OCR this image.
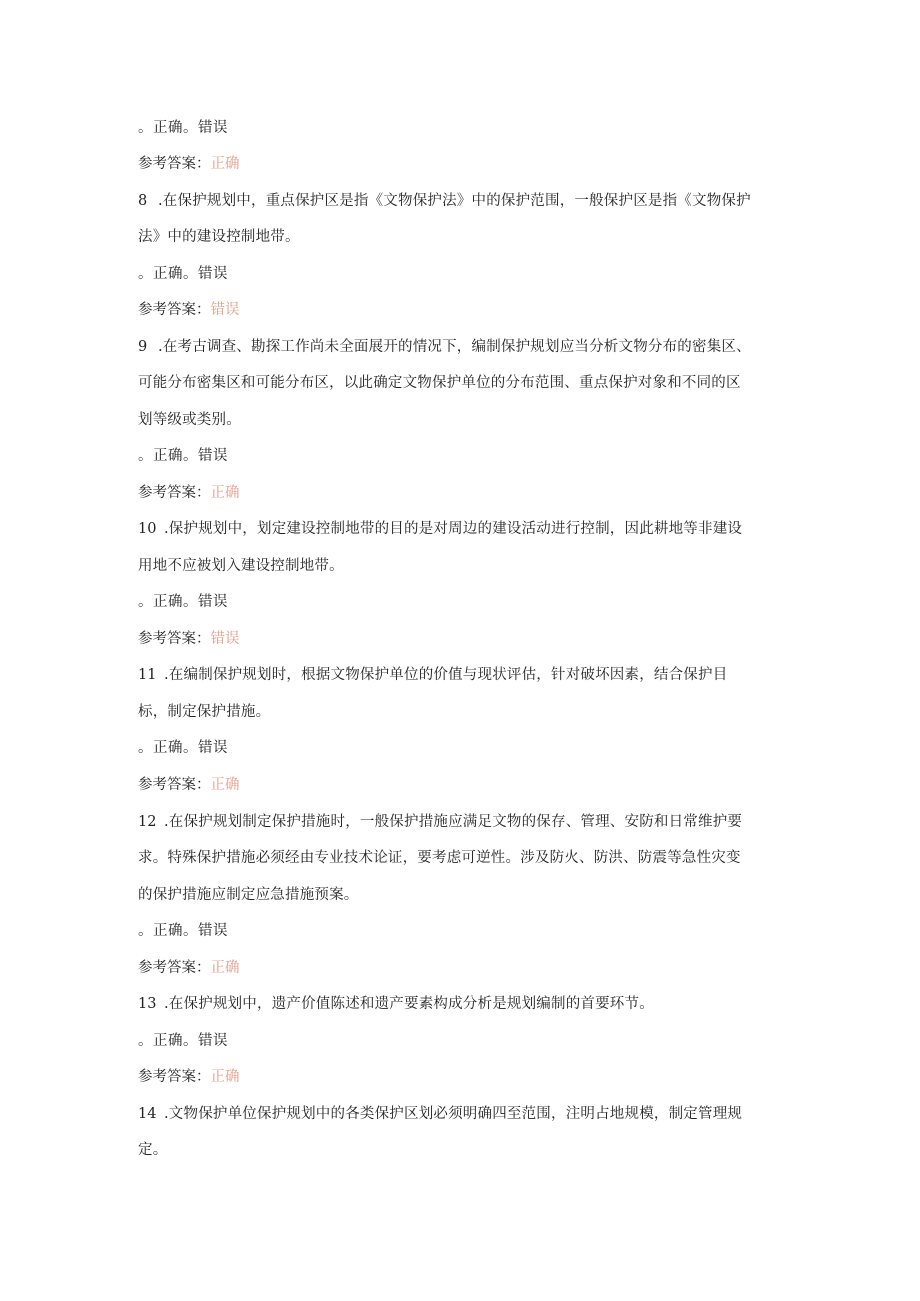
。正确。错误
参考答案：正确
8 .在保护规划中，重点保护区是指《文物保护法》中的保护范围，一般保护区是指《文物保护
法》中的建设控制地带。
。正确。错误
参考答案：错误
9 .在考古调查、勘探工作尚未全面展开的情况下，编制保护规划应当分析文物分布的密集区、
可能分布密集区和可能分布区，以此确定文物保护单位的分布范围、重点保护对象和不同的区
划等级或类别。
。正确。错误
参考答案：正确
10 .保护规划中，划定建设控制地带的目的是对周边的建设活动进行控制，因此耕地等非建设
用地不应被划入建设控制地带。
。正确。错误
参考答案：错误
11 .在编制保护规划时，根据文物保护单位的价值与现状评估，针对破坏因素，结合保护目
标，制定保护措施。
。正确。错误
参考答案：正确
12 .在保护规划制定保护措施时，一般保护措施应满足文物的保存、管理、安防和日常维护要
求。特殊保护措施必须经由专业技术论证，要考虑可逆性。涉及防火、防洪、防震等急性灾变
的保护措施应制定应急措施预案。
。正确。错误
参考答案：正确
13 .在保护规划中，遗产价值陈述和遗产要素构成分析是规划编制的首要环节。
。正确。错误
参考答案：正确
14 .文物保护单位保护规划中的各类保护区划必须明确四至范围，注明占地规模，制定管理规
定。
